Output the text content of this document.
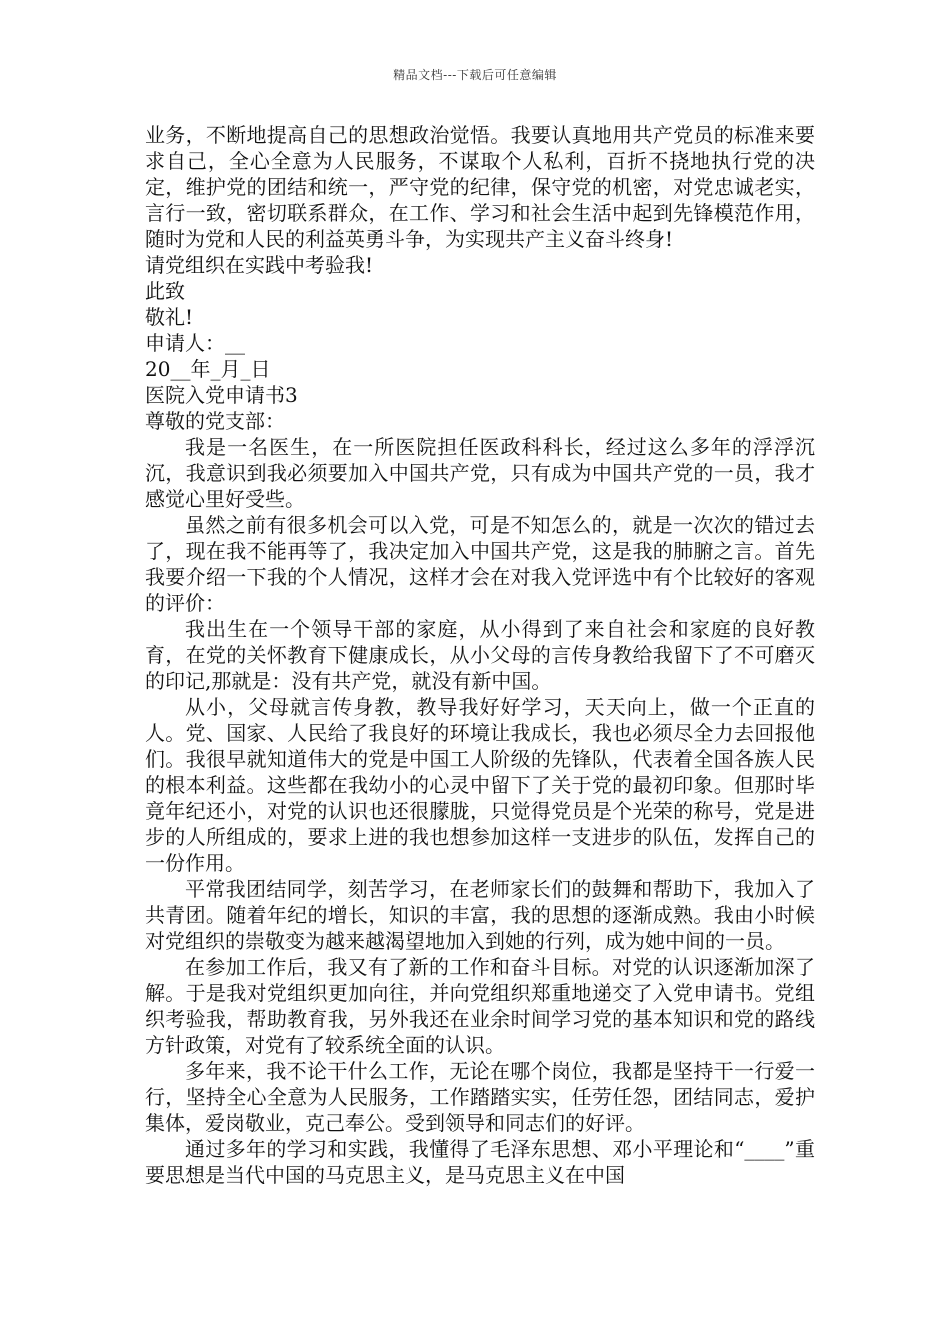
精品文档---下载后可任意编辑

业务，不断地提高自己的思想政治觉悟。我要认真地用共产党员的标准来要求自己，全心全意为人民服务，不谋取个人私利，百折不挠地执行党的决定，维护党的团结和统一，严守党的纪律，保守党的机密，对党忠诚老实，言行一致，密切联系群众，在工作、学习和社会生活中起到先锋模范作用，随时为党和人民的利益英勇斗争，为实现共产主义奋斗终身!

请党组织在实践中考验我!

此致

敬礼!

申请人：__

20__年_月_日

医院入党申请书3

尊敬的党支部：

我是一名医生，在一所医院担任医政科科长，经过这么多年的浮浮沉沉，我意识到我必须要加入中国共产党，只有成为中国共产党的一员，我才感觉心里好受些。

虽然之前有很多机会可以入党，可是不知怎么的，就是一次次的错过去了，现在我不能再等了，我决定加入中国共产党，这是我的肺腑之言。首先我要介绍一下我的个人情况，这样才会在对我入党评选中有个比较好的客观的评价：

我出生在一个领导干部的家庭，从小得到了来自社会和家庭的良好教育，在党的关怀教育下健康成长，从小父母的言传身教给我留下了不可磨灭的印记,那就是：没有共产党，就没有新中国。

从小，父母就言传身教，教导我好好学习，天天向上，做一个正直的人。党、国家、人民给了我良好的环境让我成长，我也必须尽全力去回报他们。我很早就知道伟大的党是中国工人阶级的先锋队，代表着全国各族人民的根本利益。这些都在我幼小的心灵中留下了关于党的最初印象。但那时毕竟年纪还小，对党的认识也还很朦胧，只觉得党员是个光荣的称号，党是进步的人所组成的，要求上进的我也想参加这样一支进步的队伍，发挥自己的一份作用。

平常我团结同学，刻苦学习，在老师家长们的鼓舞和帮助下，我加入了共青团。随着年纪的增长，知识的丰富，我的思想的逐渐成熟。我由小时候对党组织的崇敬变为越来越渴望地加入到她的行列，成为她中间的一员。

在参加工作后，我又有了新的工作和奋斗目标。对党的认识逐渐加深了解。于是我对党组织更加向往，并向党组织郑重地递交了入党申请书。党组织考验我，帮助教育我，另外我还在业余时间学习党的基本知识和党的路线方针政策，对党有了较系统全面的认识。

多年来，我不论干什么工作，无论在哪个岗位，我都是坚持干一行爱一行，坚持全心全意为人民服务，工作踏踏实实，任劳任怨，团结同志，爱护集体，爱岗敬业，克己奉公。受到领导和同志们的好评。

通过多年的学习和实践，我懂得了毛泽东思想、邓小平理论和“____”重要思想是当代中国的马克思主义，是马克思主义在中国
